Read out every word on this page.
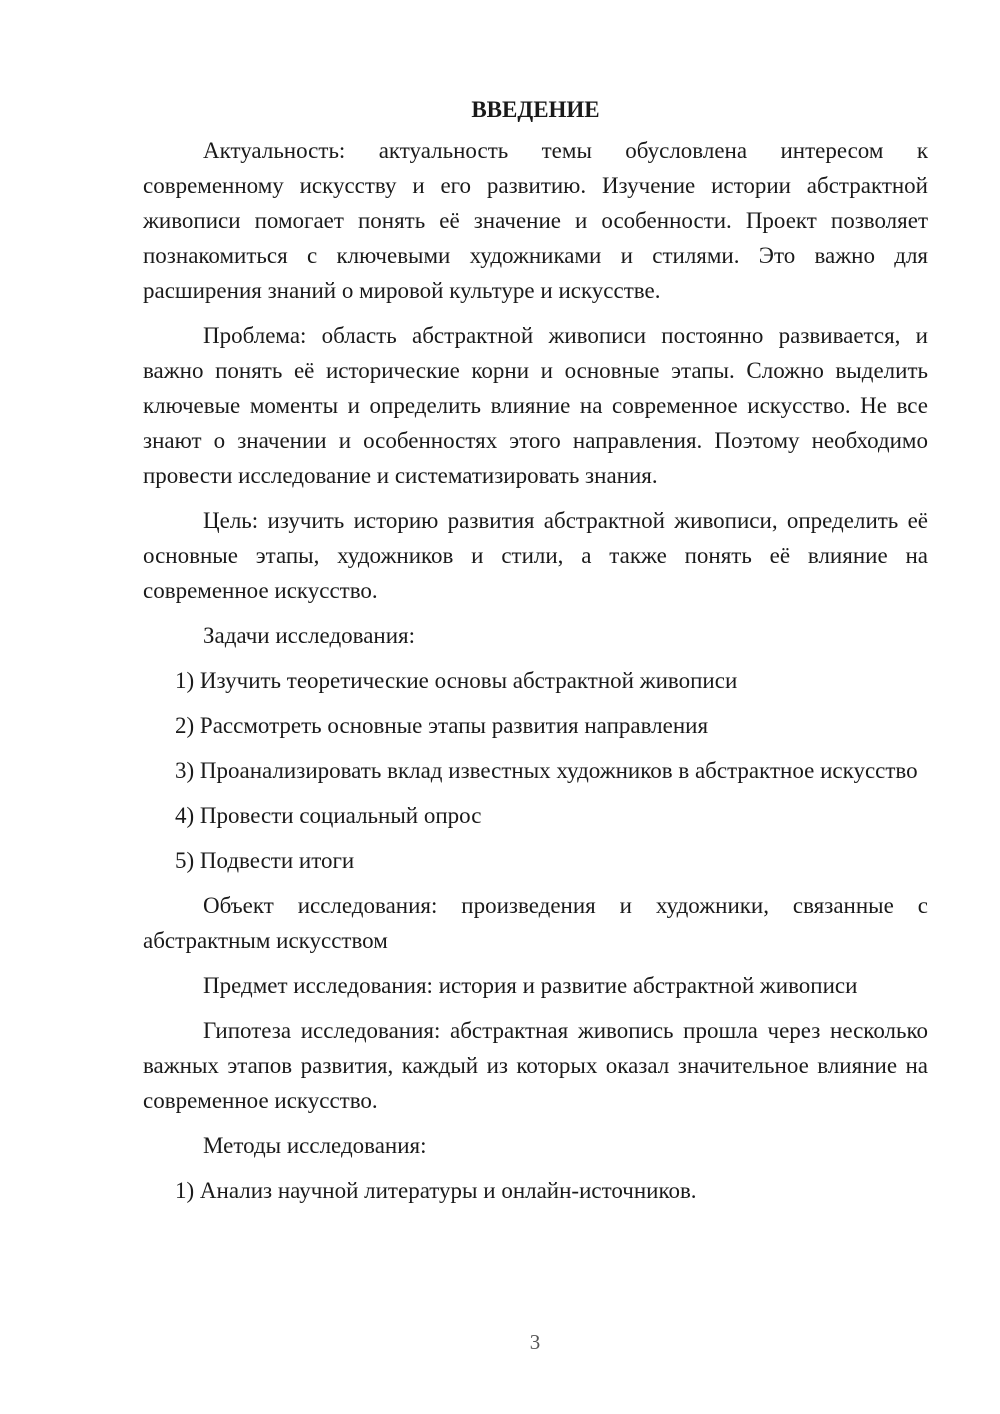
ВВЕДЕНИЕ

Актуальность: актуальность темы обусловлена интересом к современному искусству и его развитию. Изучение истории абстрактной живописи помогает понять её значение и особенности. Проект позволяет познакомиться с ключевыми художниками и стилями. Это важно для расширения знаний о мировой культуре и искусстве.

Проблема: область абстрактной живописи постоянно развивается, и важно понять её исторические корни и основные этапы. Сложно выделить ключевые моменты и определить влияние на современное искусство. Не все знают о значении и особенностях этого направления. Поэтому необходимо провести исследование и систематизировать знания.

Цель: изучить историю развития абстрактной живописи, определить её основные этапы, художников и стили, а также понять её влияние на современное искусство.

Задачи исследования:

1) Изучить теоретические основы абстрактной живописи

2) Рассмотреть основные этапы развития направления

3) Проанализировать вклад известных художников в абстрактное искусство

4) Провести социальный опрос

5) Подвести итоги

Объект исследования: произведения и художники, связанные с абстрактным искусством

Предмет исследования: история и развитие абстрактной живописи

Гипотеза исследования: абстрактная живопись прошла через несколько важных этапов развития, каждый из которых оказал значительное влияние на современное искусство.

Методы исследования:

1) Анализ научной литературы и онлайн-источников.

3
